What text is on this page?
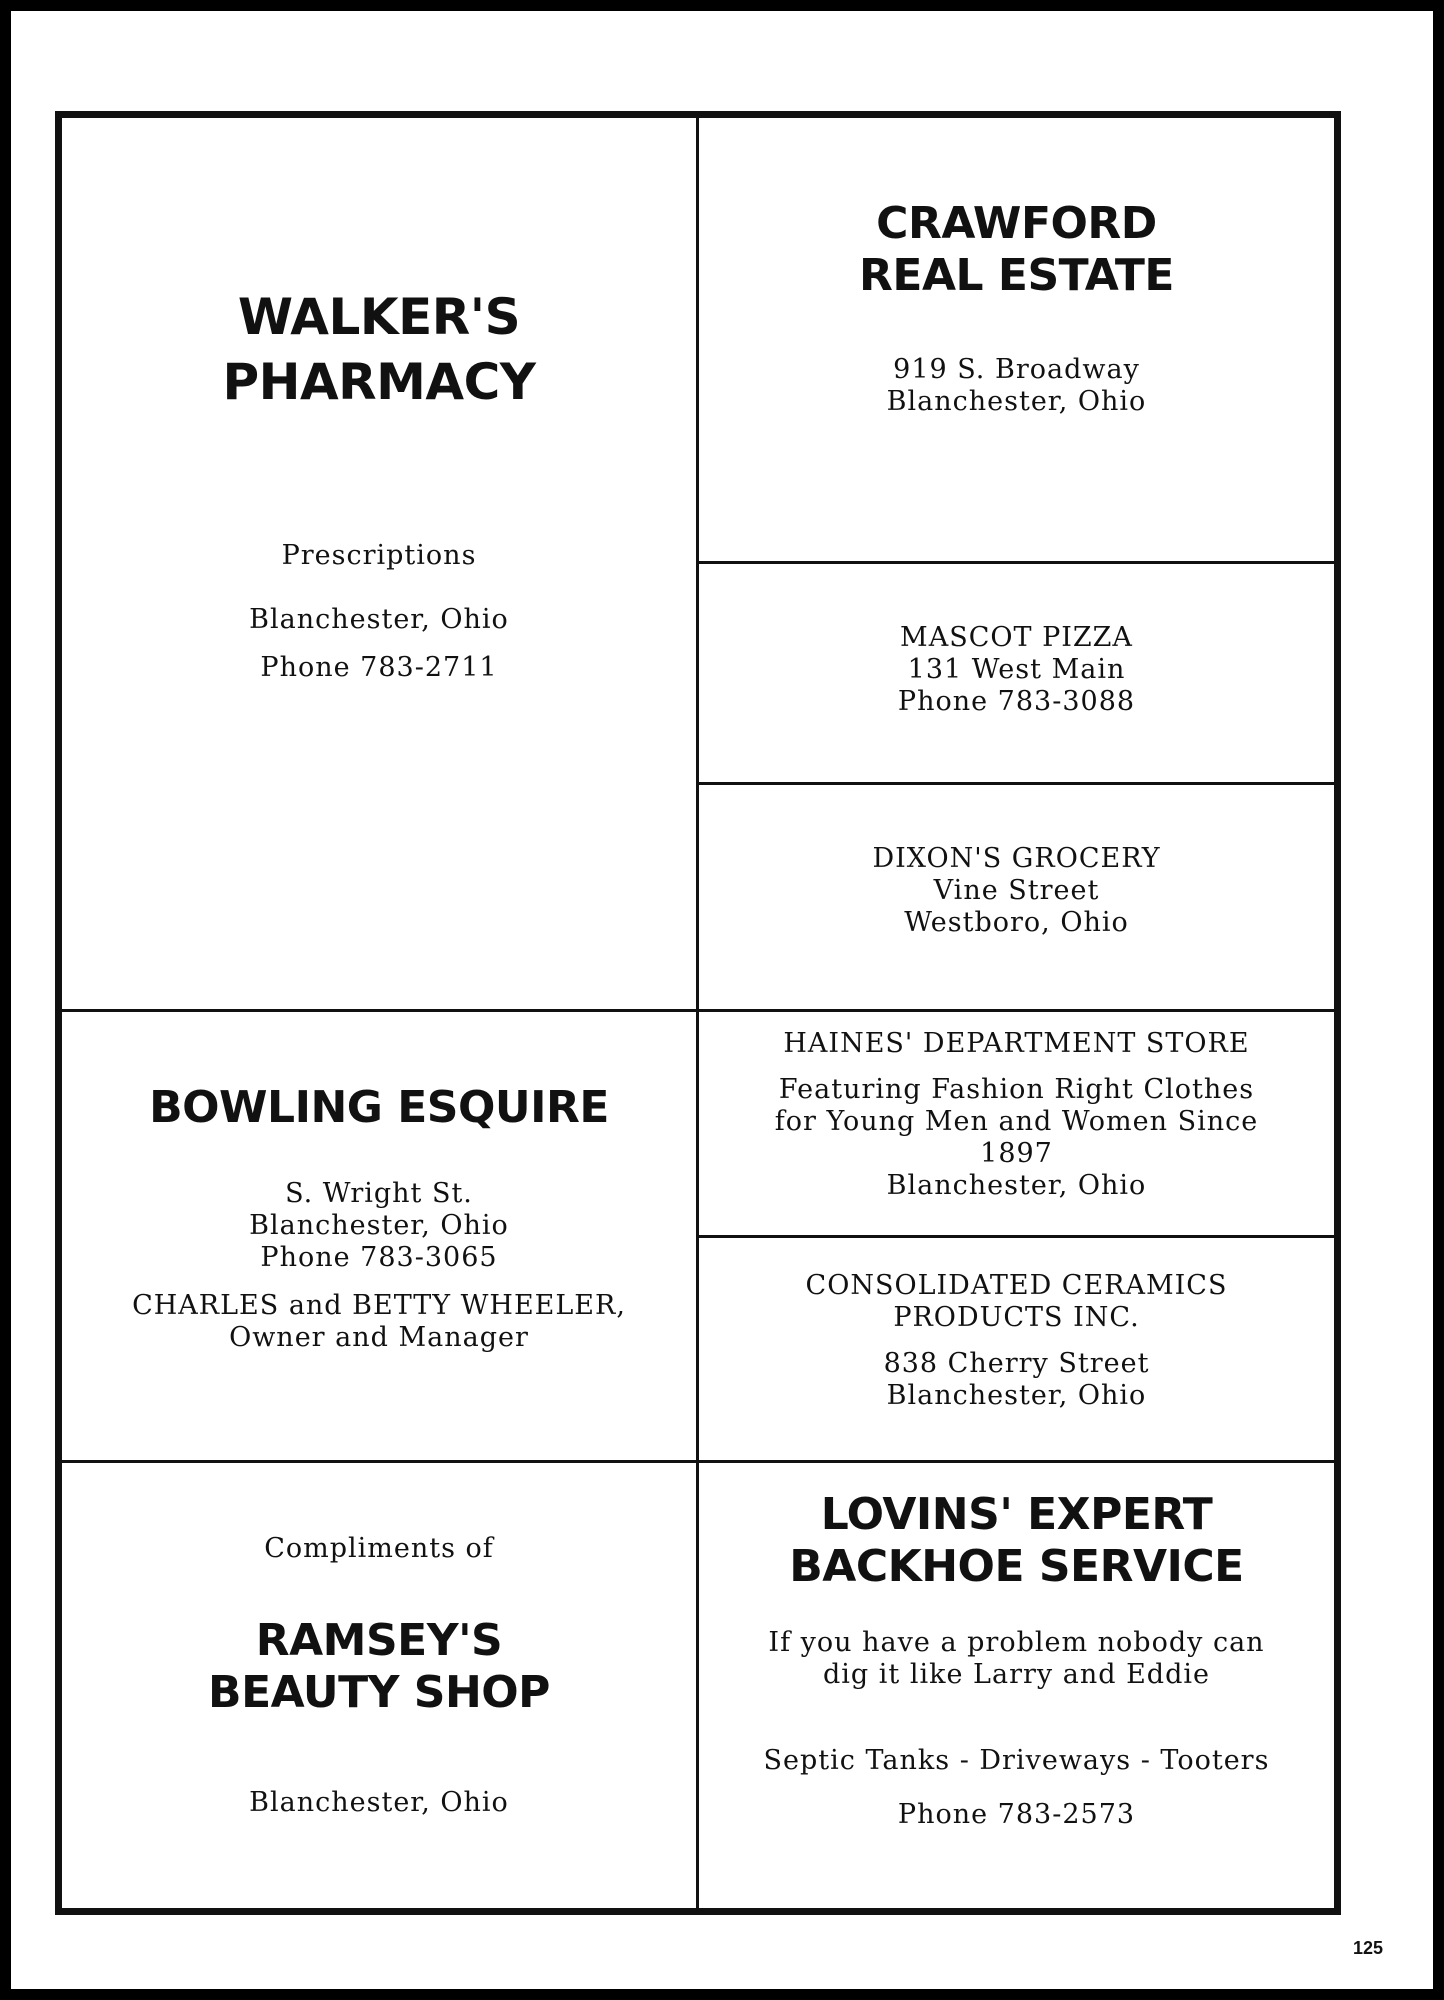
WALKER'S
PHARMACY
Prescriptions
Blanchester, Ohio
Phone 783-2711
CRAWFORD
REAL ESTATE
919 S. Broadway
Blanchester, Ohio
MASCOT PIZZA
131 West Main
Phone 783-3088
DIXON'S GROCERY
Vine Street
Westboro, Ohio
BOWLING ESQUIRE
S. Wright St.
Blanchester, Ohio
Phone 783-3065
CHARLES and BETTY WHEELER,
Owner and Manager
HAINES' DEPARTMENT STORE
Featuring Fashion Right Clothes
for Young Men and Women Since
1897
Blanchester, Ohio
CONSOLIDATED CERAMICS
PRODUCTS INC.
838 Cherry Street
Blanchester, Ohio
Compliments of
RAMSEY'S
BEAUTY SHOP
Blanchester, Ohio
LOVINS' EXPERT
BACKHOE SERVICE
If you have a problem nobody can
dig it like Larry and Eddie
Septic Tanks - Driveways - Tooters
Phone 783-2573
125
